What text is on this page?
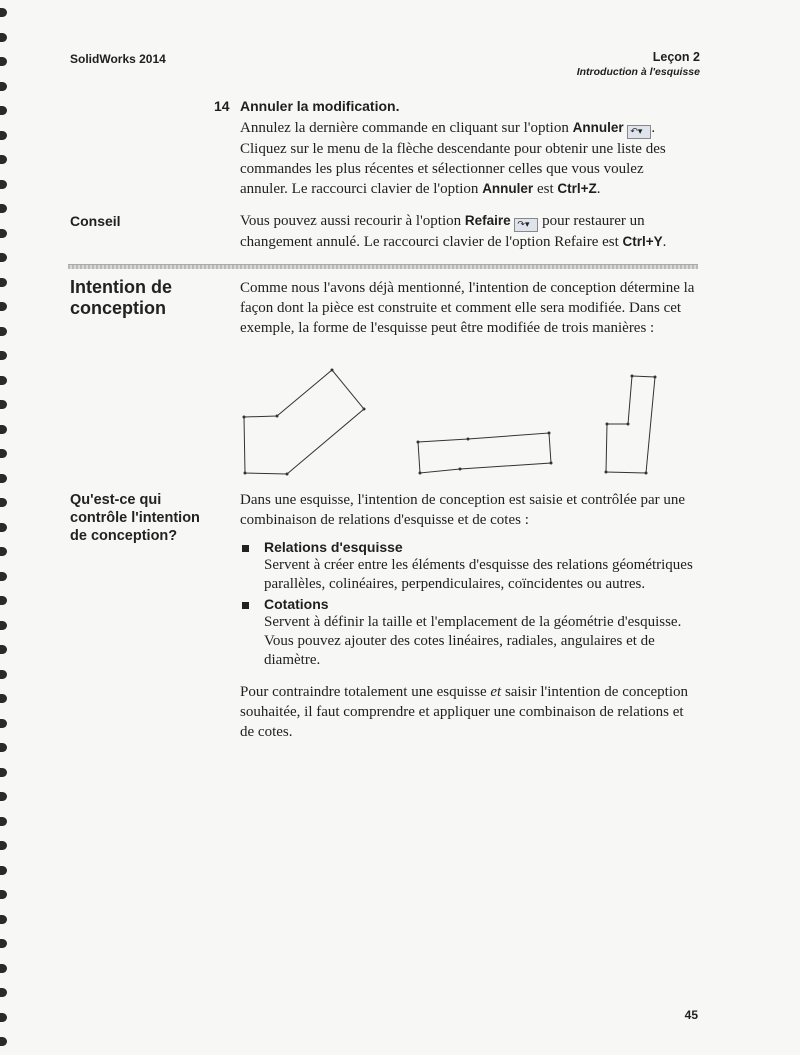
SolidWorks 2014	Leçon 2
Introduction à l'esquisse
14 Annuler la modification.
Annulez la dernière commande en cliquant sur l'option Annuler ↶▾ . Cliquez sur le menu de la flèche descendante pour obtenir une liste des commandes les plus récentes et sélectionner celles que vous voulez annuler. Le raccourci clavier de l'option Annuler est Ctrl+Z.
Conseil	Vous pouvez aussi recourir à l'option Refaire ↷▾ pour restaurer un changement annulé. Le raccourci clavier de l'option Refaire est Ctrl+Y.
Intention de
conception
Comme nous l'avons déjà mentionné, l'intention de conception détermine la façon dont la pièce est construite et comment elle sera modifiée. Dans cet exemple, la forme de l'esquisse peut être modifiée de trois manières :
Qu'est-ce qui
contrôle l'intention
de conception?
Dans une esquisse, l'intention de conception est saisie et contrôlée par une combinaison de relations d'esquisse et de cotes :
Relations d'esquisse
Servent à créer entre les éléments d'esquisse des relations géométriques parallèles, colinéaires, perpendiculaires, coïncidentes ou autres.
Cotations
Servent à définir la taille et l'emplacement de la géométrie d'esquisse. Vous pouvez ajouter des cotes linéaires, radiales, angulaires et de diamètre.
Pour contraindre totalement une esquisse et saisir l'intention de conception souhaitée, il faut comprendre et appliquer une combinaison de relations et de cotes.
45
